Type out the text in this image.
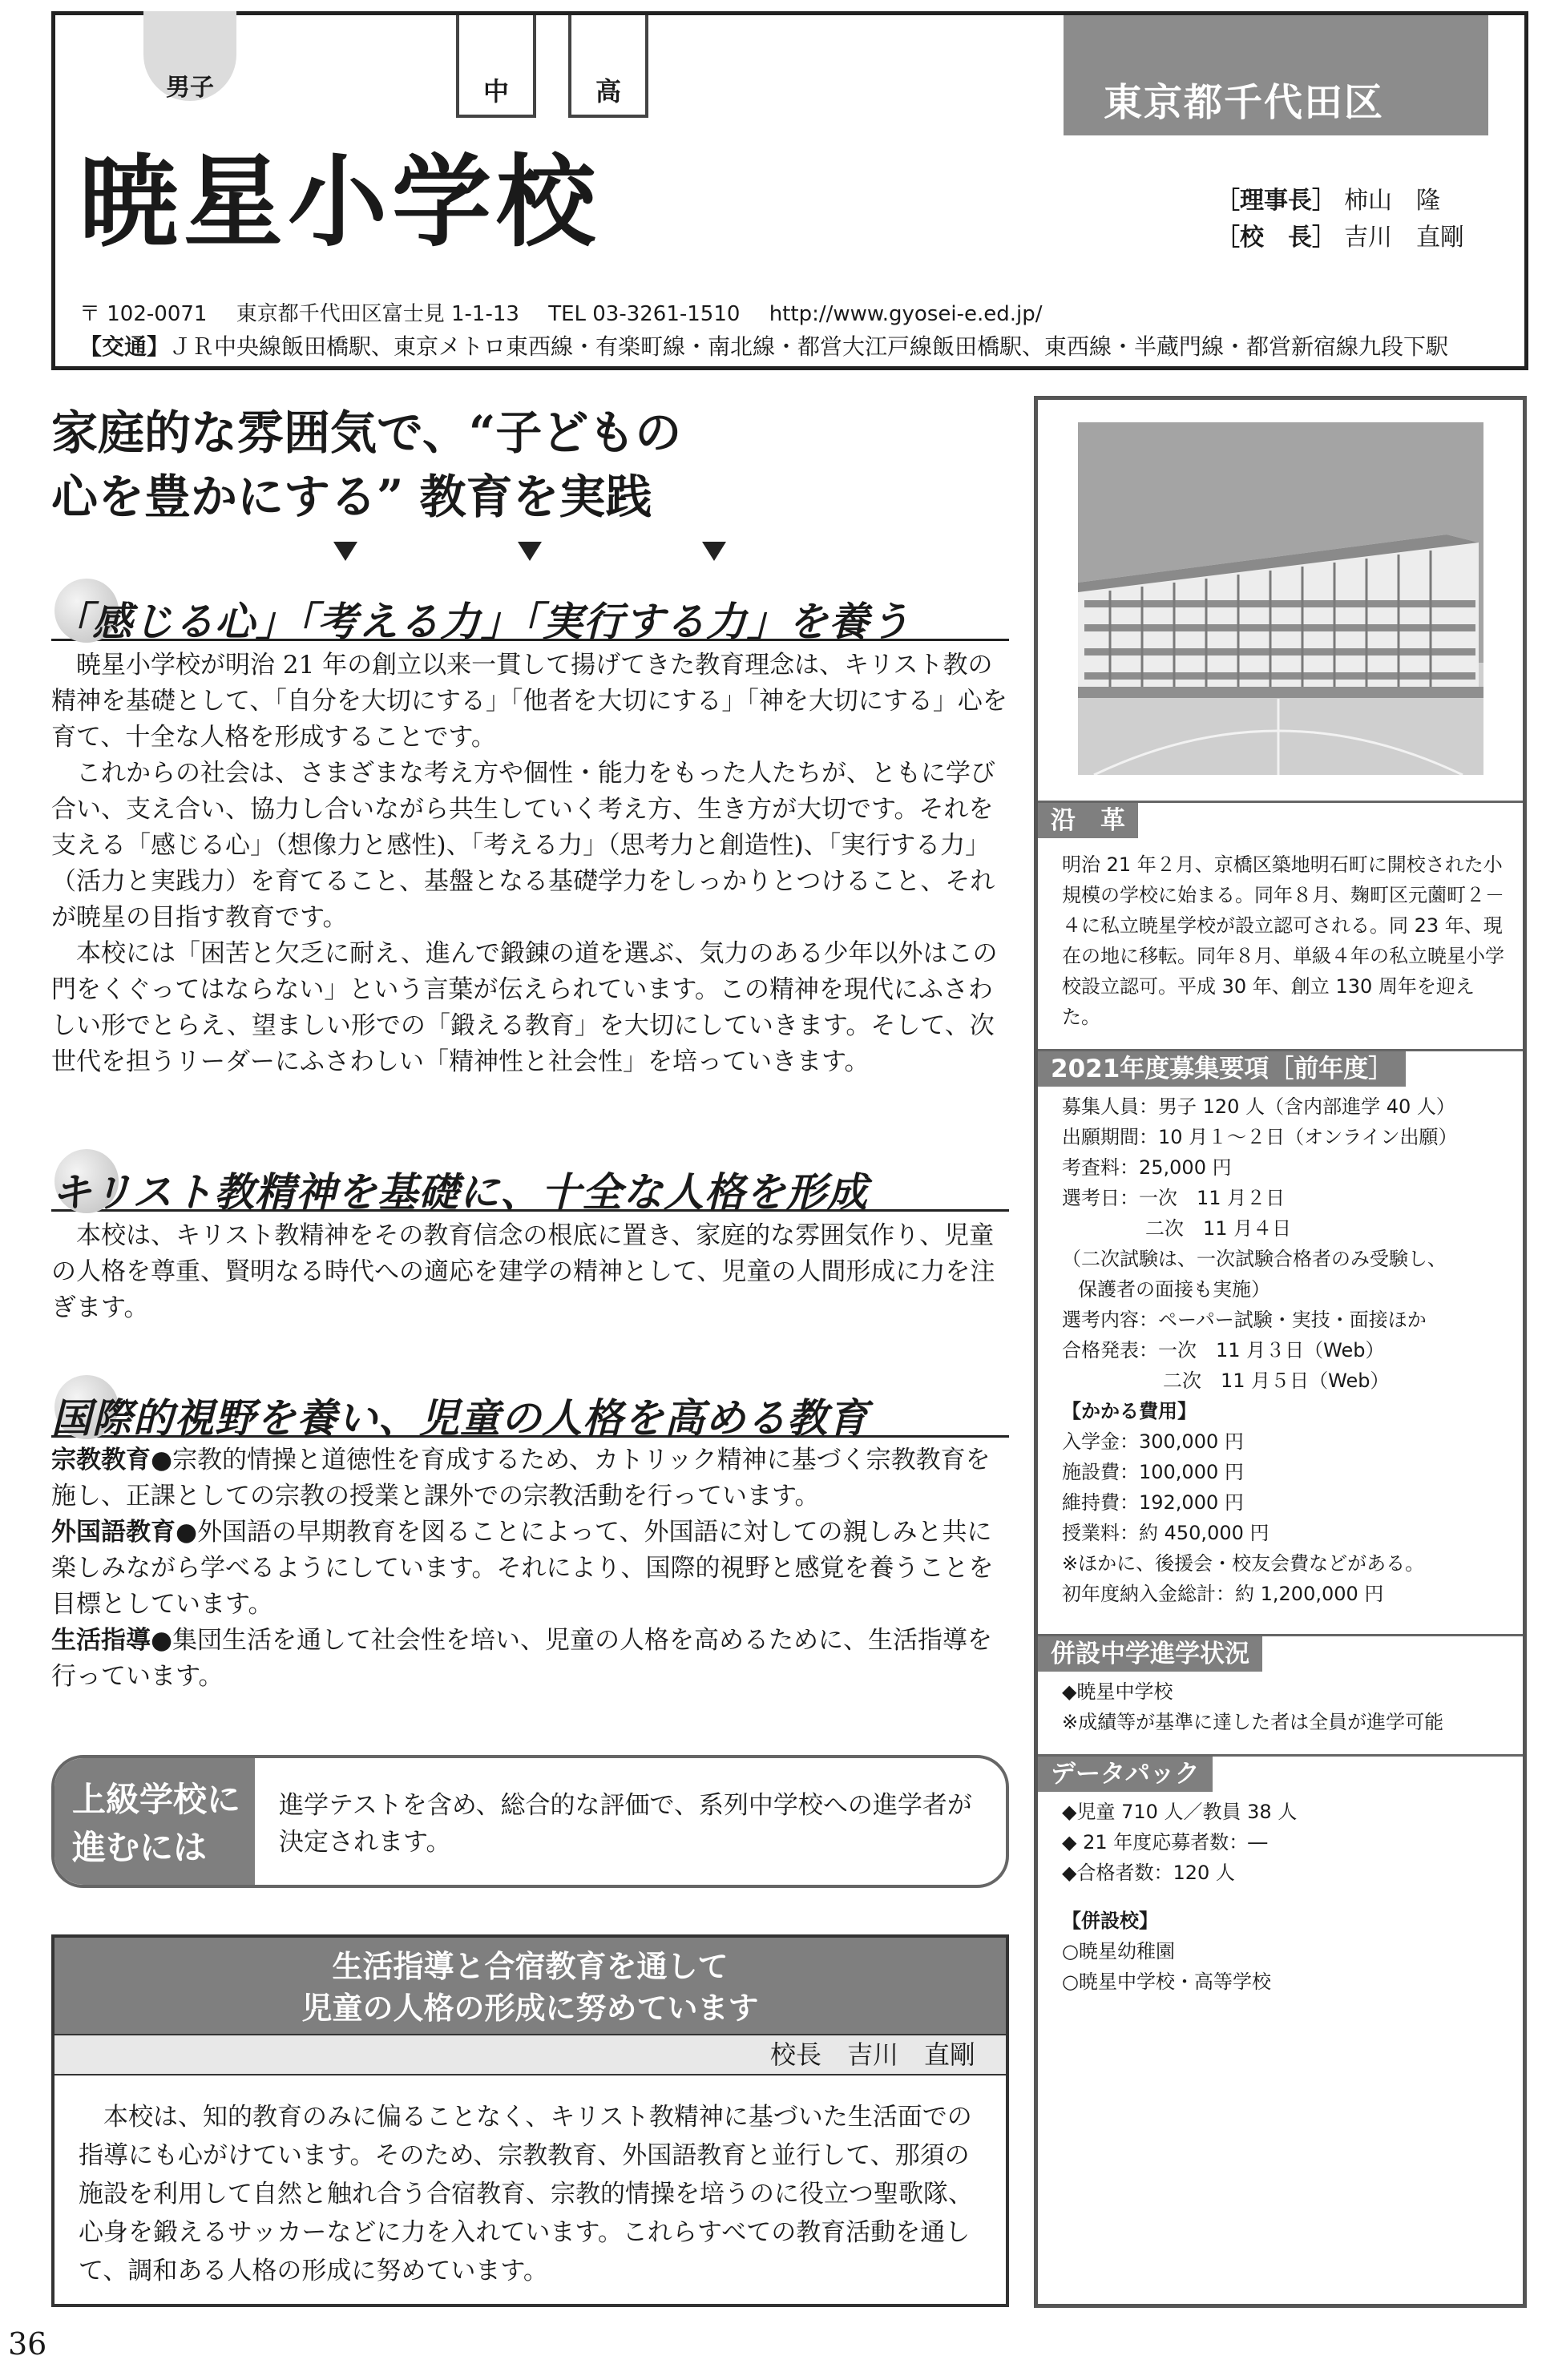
男子	中	高	東京都千代田区
暁星小学校	［理事長］ 柿山　隆
［校　長］ 吉川　直剛
〒 102-0071 東京都千代田区富士見 1-1-13 TEL 03-3261-1510 http://www.gyosei-e.ed.jp/
【交通】ＪＲ中央線飯田橋駅、東京メトロ東西線・有楽町線・南北線・都営大江戸線飯田橋駅、東西線・半蔵門線・都営新宿線九段下駅
家庭的な雰囲気で、“子どもの
心を豊かにする” 教育を実践
「感じる心」「考える力」「実行する力」を養う

暁星小学校が明治 21 年の創立以来一貫して揚げてきた教育理念は、キリスト教の精神を基礎として、「自分を大切にする」「他者を大切にする」「神を大切にする」心を育て、十全な人格を形成することです。

これからの社会は、さまざまな考え方や個性・能力をもった人たちが、ともに学び合い、支え合い、協力し合いながら共生していく考え方、生き方が大切です。それを支える「感じる心」（想像力と感性)、「考える力」（思考力と創造性)、「実行する力」（活力と実践力）を育てること、基盤となる基礎学力をしっかりとつけること、それが暁星の目指す教育です。

本校には「困苦と欠乏に耐え、進んで鍛錬の道を選ぶ、気力のある少年以外はこの門をくぐってはならない」という言葉が伝えられています。この精神を現代にふさわしい形でとらえ、望ましい形での「鍛える教育」を大切にしていきます。そして、次世代を担うリーダーにふさわしい「精神性と社会性」を培っていきます。

キリスト教精神を基礎に、十全な人格を形成

本校は、キリスト教精神をその教育信念の根底に置き、家庭的な雰囲気作り、児童の人格を尊重、賢明なる時代への適応を建学の精神として、児童の人間形成に力を注ぎます。

国際的視野を養い、児童の人格を高める教育

宗教教育●宗教的情操と道徳性を育成するため、カトリック精神に基づく宗教教育を施し、正課としての宗教の授業と課外での宗教活動を行っています。

外国語教育●外国語の早期教育を図ることによって、外国語に対しての親しみと共に楽しみながら学べるようにしています。それにより、国際的視野と感覚を養うことを目標としています。

生活指導●集団生活を通して社会性を培い、児童の人格を高めるために、生活指導を行っています。

上級学校に
進むには
進学テストを含め、総合的な評価で、系列中学校への進学者が決定されます。
生活指導と合宿教育を通して
児童の人格の形成に努めています
校長　吉川　直剛
本校は、知的教育のみに偏ることなく、キリスト教精神に基づいた生活面での指導にも心がけています。そのため、宗教教育、外国語教育と並行して、那須の施設を利用して自然と触れ合う合宿教育、宗教的情操を培うのに役立つ聖歌隊、心身を鍛えるサッカーなどに力を入れています。これらすべての教育活動を通して、調和ある人格の形成に努めています。
36
沿　革
明治 21 年２月、京橋区築地明石町に開校された小規模の学校に始まる。同年８月、麹町区元薗町２－４に私立暁星学校が設立認可される。同 23 年、現在の地に移転。同年８月、単級４年の私立暁星小学校設立認可。平成 30 年、創立 130 周年を迎えた。
2021年度募集要項［前年度］
募集人員：男子 120 人（含内部進学 40 人）
出願期間：10 月１～２日（オンライン出願）
考査料：25,000 円
選考日：一次　11 月２日
二次　11 月４日
（二次試験は、一次試験合格者のみ受験し、
保護者の面接も実施）
選考内容：ペーパー試験・実技・面接ほか
合格発表：一次　11 月３日（Web）
二次　11 月５日（Web）
【かかる費用】
入学金：300,000 円
施設費：100,000 円
維持費：192,000 円
授業料：約 450,000 円
※ほかに、後援会・校友会費などがある。
初年度納入金総計：約 1,200,000 円
併設中学進学状況
◆暁星中学校
※成績等が基準に達した者は全員が進学可能
データパック
◆児童 710 人／教員 38 人
◆ 21 年度応募者数：―
◆合格者数：120 人
【併設校】
○暁星幼稚園
○暁星中学校・高等学校
